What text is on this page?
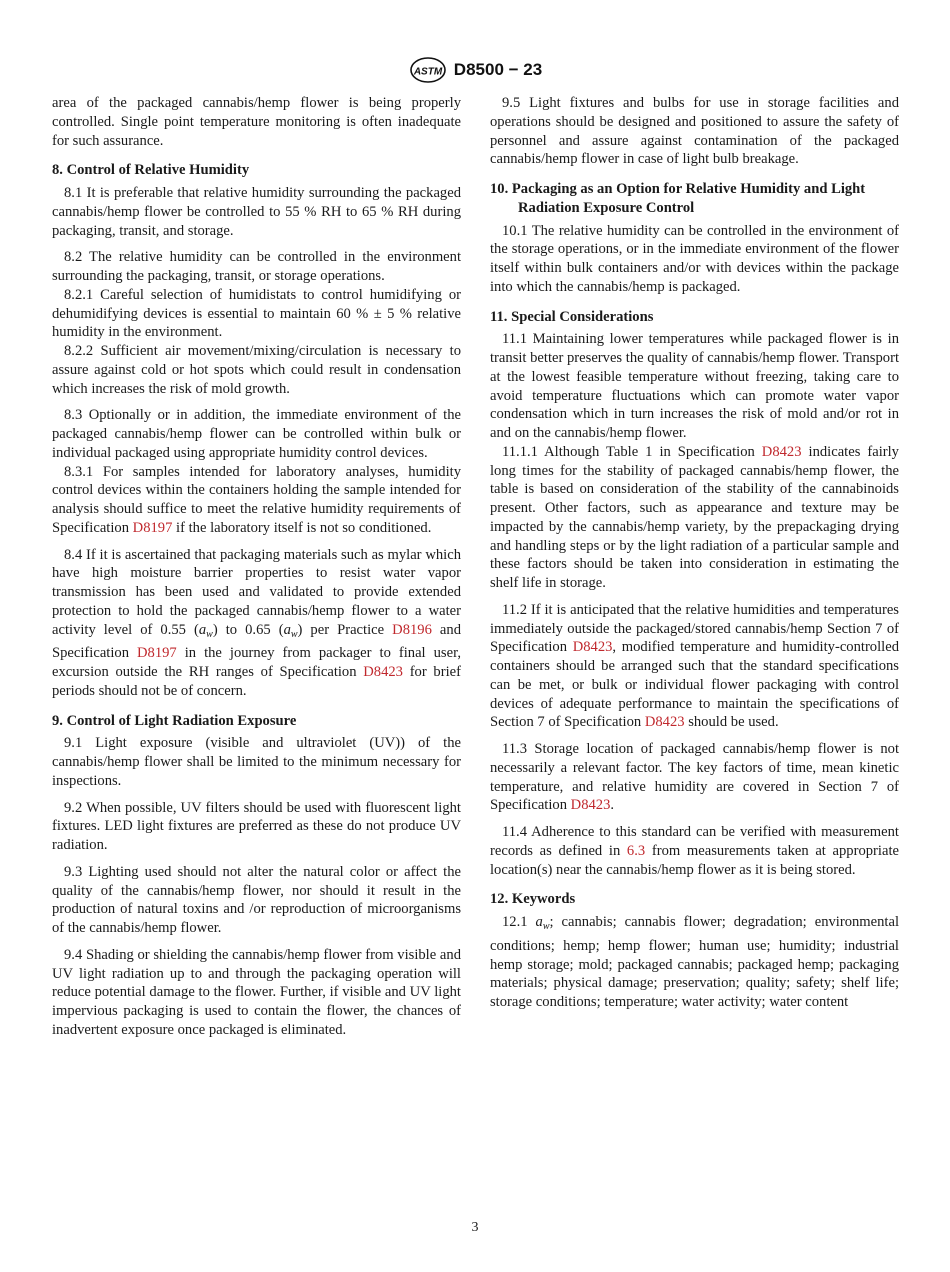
ASTM D8500 − 23

area of the packaged cannabis/hemp flower is being properly controlled. Single point temperature monitoring is often inadequate for such assurance.

8. Control of Relative Humidity

8.1 It is preferable that relative humidity surrounding the packaged cannabis/hemp flower be controlled to 55 % RH to 65 % RH during packaging, transit, and storage.

8.2 The relative humidity can be controlled in the environment surrounding the packaging, transit, or storage operations.

8.2.1 Careful selection of humidistats to control humidifying or dehumidifying devices is essential to maintain 60 % ± 5 % relative humidity in the environment.

8.2.2 Sufficient air movement/mixing/circulation is necessary to assure against cold or hot spots which could result in condensation which increases the risk of mold growth.

8.3 Optionally or in addition, the immediate environment of the packaged cannabis/hemp flower can be controlled within bulk or individual packaged using appropriate humidity control devices.

8.3.1 For samples intended for laboratory analyses, humidity control devices within the containers holding the sample intended for analysis should suffice to meet the relative humidity requirements of Specification D8197 if the laboratory itself is not so conditioned.

8.4 If it is ascertained that packaging materials such as mylar which have high moisture barrier properties to resist water vapor transmission has been used and validated to provide extended protection to hold the packaged cannabis/hemp flower to a water activity level of 0.55 $(a_w)$ to 0.65 $(a_w)$ per Practice D8196 and Specification D8197 in the journey from packager to final user, excursion outside the RH ranges of Specification D8423 for brief periods should not be of concern.

9. Control of Light Radiation Exposure

9.1 Light exposure (visible and ultraviolet (UV)) of the cannabis/hemp flower shall be limited to the minimum necessary for inspections.

9.2 When possible, UV filters should be used with fluorescent light fixtures. LED light fixtures are preferred as these do not produce UV radiation.

9.3 Lighting used should not alter the natural color or affect the quality of the cannabis/hemp flower, nor should it result in the production of natural toxins and /or reproduction of microorganisms of the cannabis/hemp flower.

9.4 Shading or shielding the cannabis/hemp flower from visible and UV light radiation up to and through the packaging operation will reduce potential damage to the flower. Further, if visible and UV light impervious packaging is used to contain the flower, the chances of inadvertent exposure once packaged is eliminated.

9.5 Light fixtures and bulbs for use in storage facilities and operations should be designed and positioned to assure the safety of personnel and assure against contamination of the packaged cannabis/hemp flower in case of light bulb breakage.

10. Packaging as an Option for Relative Humidity and Light Radiation Exposure Control

10.1 The relative humidity can be controlled in the environment of the storage operations, or in the immediate environment of the flower itself within bulk containers and/or with devices within the package into which the cannabis/hemp is packaged.

11. Special Considerations

11.1 Maintaining lower temperatures while packaged flower is in transit better preserves the quality of cannabis/hemp flower. Transport at the lowest feasible temperature without freezing, taking care to avoid temperature fluctuations which can promote water vapor condensation which in turn increases the risk of mold and/or rot in and on the cannabis/hemp flower.

11.1.1 Although Table 1 in Specification D8423 indicates fairly long times for the stability of packaged cannabis/hemp flower, the table is based on consideration of the stability of the cannabinoids present. Other factors, such as appearance and texture may be impacted by the cannabis/hemp variety, by the prepackaging drying and handling steps or by the light radiation of a particular sample and these factors should be taken into consideration in estimating the shelf life in storage.

11.2 If it is anticipated that the relative humidities and temperatures immediately outside the packaged/stored cannabis/hemp Section 7 of Specification D8423, modified temperature and humidity-controlled containers should be arranged such that the standard specifications can be met, or bulk or individual flower packaging with control devices of adequate performance to maintain the specifications of Section 7 of Specification D8423 should be used.

11.3 Storage location of packaged cannabis/hemp flower is not necessarily a relevant factor. The key factors of time, mean kinetic temperature, and relative humidity are covered in Section 7 of Specification D8423.

11.4 Adherence to this standard can be verified with measurement records as defined in 6.3 from measurements taken at appropriate location(s) near the cannabis/hemp flower as it is being stored.

12. Keywords

12.1 $a_w$; cannabis; cannabis flower; degradation; environmental conditions; hemp; hemp flower; human use; humidity; industrial hemp storage; mold; packaged cannabis; packaged hemp; packaging materials; physical damage; preservation; quality; safety; shelf life; storage conditions; temperature; water activity; water content

3
